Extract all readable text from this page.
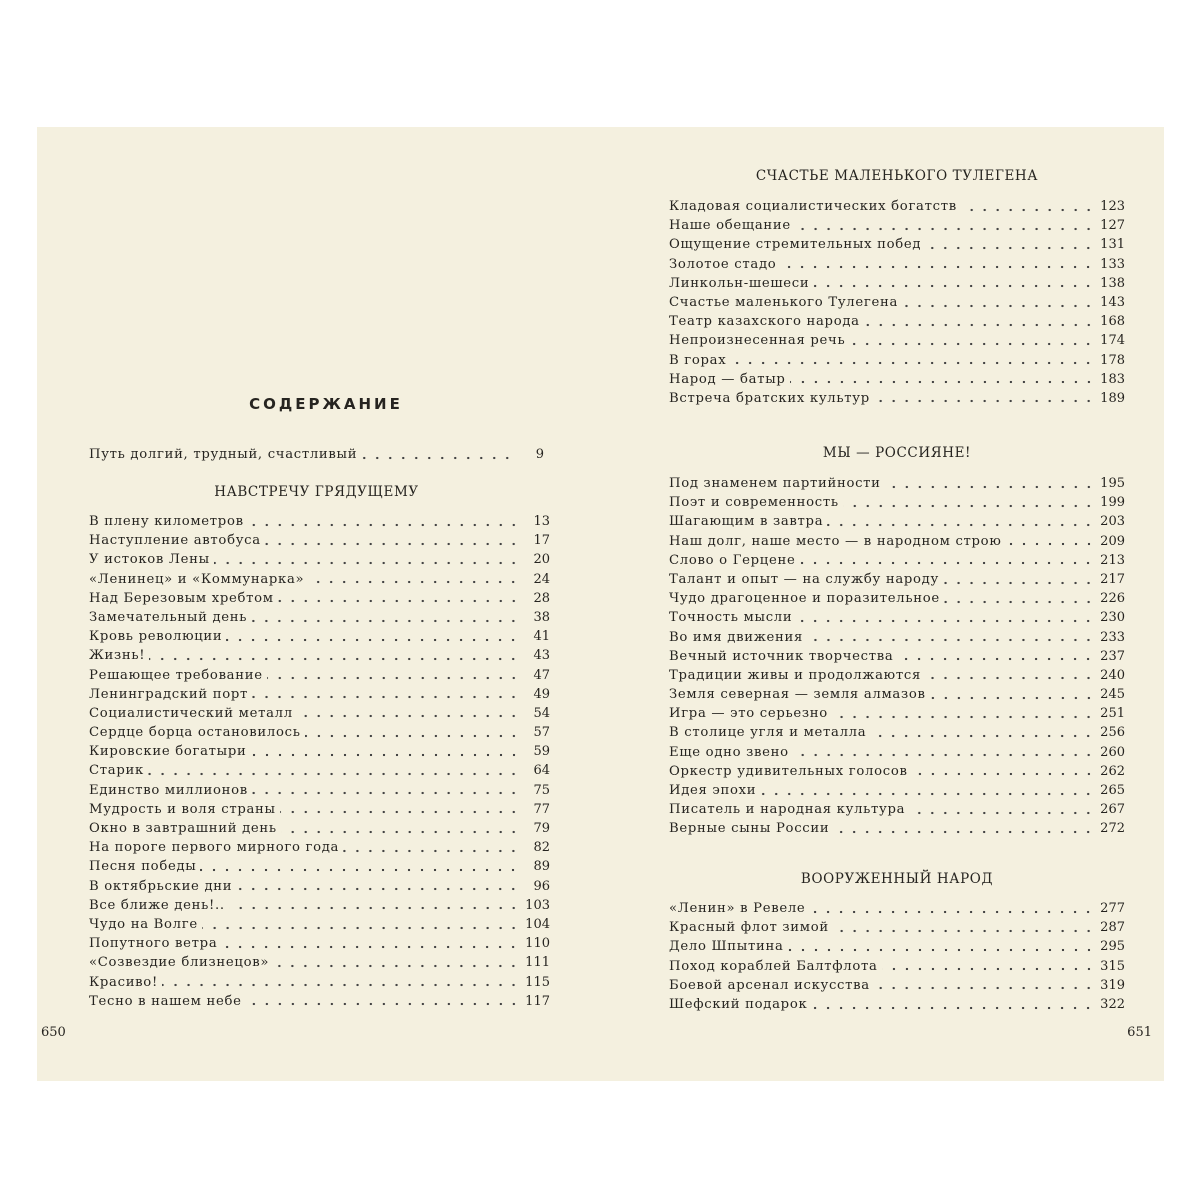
СОДЕРЖАНИЕ
Путь долгий, трудный, счастливый	9
НАВСТРЕЧУ ГРЯДУЩЕМУ
В плену километров	13
Наступление автобуса	17
У истоков Лены	20
«Ленинец» и «Коммунарка»	24
Над Березовым хребтом	28
Замечательный день	38
Кровь революции	41
Жизнь!	43
Решающее требование	47
Ленинградский порт	49
Социалистический металл	54
Сердце борца остановилось	57
Кировские богатыри	59
Старик	64
Единство миллионов	75
Мудрость и воля страны	77
Окно в завтрашний день	79
На пороге первого мирного года	82
Песня победы	89
В октябрьские дни	96
Все ближе день!..	103
Чудо на Волге	104
Попутного ветра	110
«Созвездие близнецов»	111
Красиво!	115
Тесно в нашем небе	117
650
СЧАСТЬЕ МАЛЕНЬКОГО ТУЛЕГЕНА
Кладовая социалистических богатств	123
Наше обещание	127
Ощущение стремительных побед	131
Золотое стадо	133
Линкольн-шешеси	138
Счастье маленького Тулегена	143
Театр казахского народа	168
Непроизнесенная речь	174
В горах	178
Народ — батыр	183
Встреча братских культур	189
МЫ — РОССИЯНЕ!
Под знаменем партийности	195
Поэт и современность	199
Шагающим в завтра	203
Наш долг, наше место — в народном строю	209
Слово о Герцене	213
Талант и опыт — на службу народу	217
Чудо драгоценное и поразительное	226
Точность мысли	230
Во имя движения	233
Вечный источник творчества	237
Традиции живы и продолжаются	240
Земля северная — земля алмазов	245
Игра — это серьезно	251
В столице угля и металла	256
Еще одно звено	260
Оркестр удивительных голосов	262
Идея эпохи	265
Писатель и народная культура	267
Верные сыны России	272
ВООРУЖЕННЫЙ НАРОД
«Ленин» в Ревеле	277
Красный флот зимой	287
Дело Шпытина	295
Поход кораблей Балтфлота	315
Боевой арсенал искусства	319
Шефский подарок	322
651
